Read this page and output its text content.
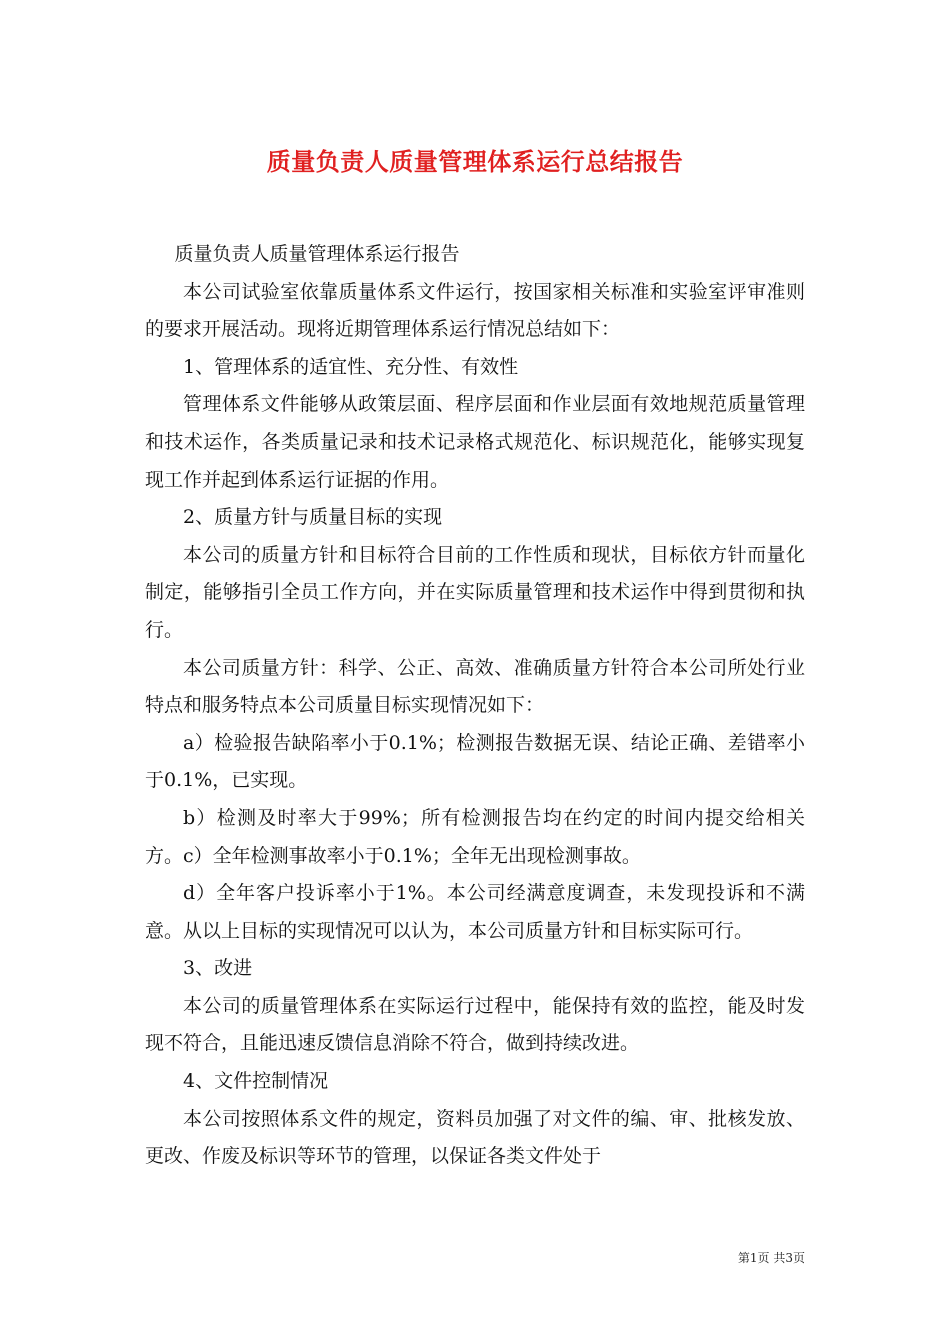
质量负责人质量管理体系运行总结报告

质量负责人质量管理体系运行报告

本公司试验室依靠质量体系文件运行，按国家相关标准和实验室评审准则的要求开展活动。现将近期管理体系运行情况总结如下：

1、管理体系的适宜性、充分性、有效性

管理体系文件能够从政策层面、程序层面和作业层面有效地规范质量管理和技术运作，各类质量记录和技术记录格式规范化、标识规范化，能够实现复现工作并起到体系运行证据的作用。

2、质量方针与质量目标的实现

本公司的质量方针和目标符合目前的工作性质和现状，目标依方针而量化制定，能够指引全员工作方向，并在实际质量管理和技术运作中得到贯彻和执行。

本公司质量方针：科学、公正、高效、准确质量方针符合本公司所处行业特点和服务特点本公司质量目标实现情况如下：

a）检验报告缺陷率小于0.1%；检测报告数据无误、结论正确、差错率小于0.1%，已实现。

b）检测及时率大于99%；所有检测报告均在约定的时间内提交给相关方。c）全年检测事故率小于0.1%；全年无出现检测事故。

d）全年客户投诉率小于1%。本公司经满意度调查，未发现投诉和不满意。从以上目标的实现情况可以认为，本公司质量方针和目标实际可行。

3、改进

本公司的质量管理体系在实际运行过程中，能保持有效的监控，能及时发现不符合，且能迅速反馈信息消除不符合，做到持续改进。

4、文件控制情况

本公司按照体系文件的规定，资料员加强了对文件的编、审、批核发放、更改、作废及标识等环节的管理，以保证各类文件处于

第1页 共3页
